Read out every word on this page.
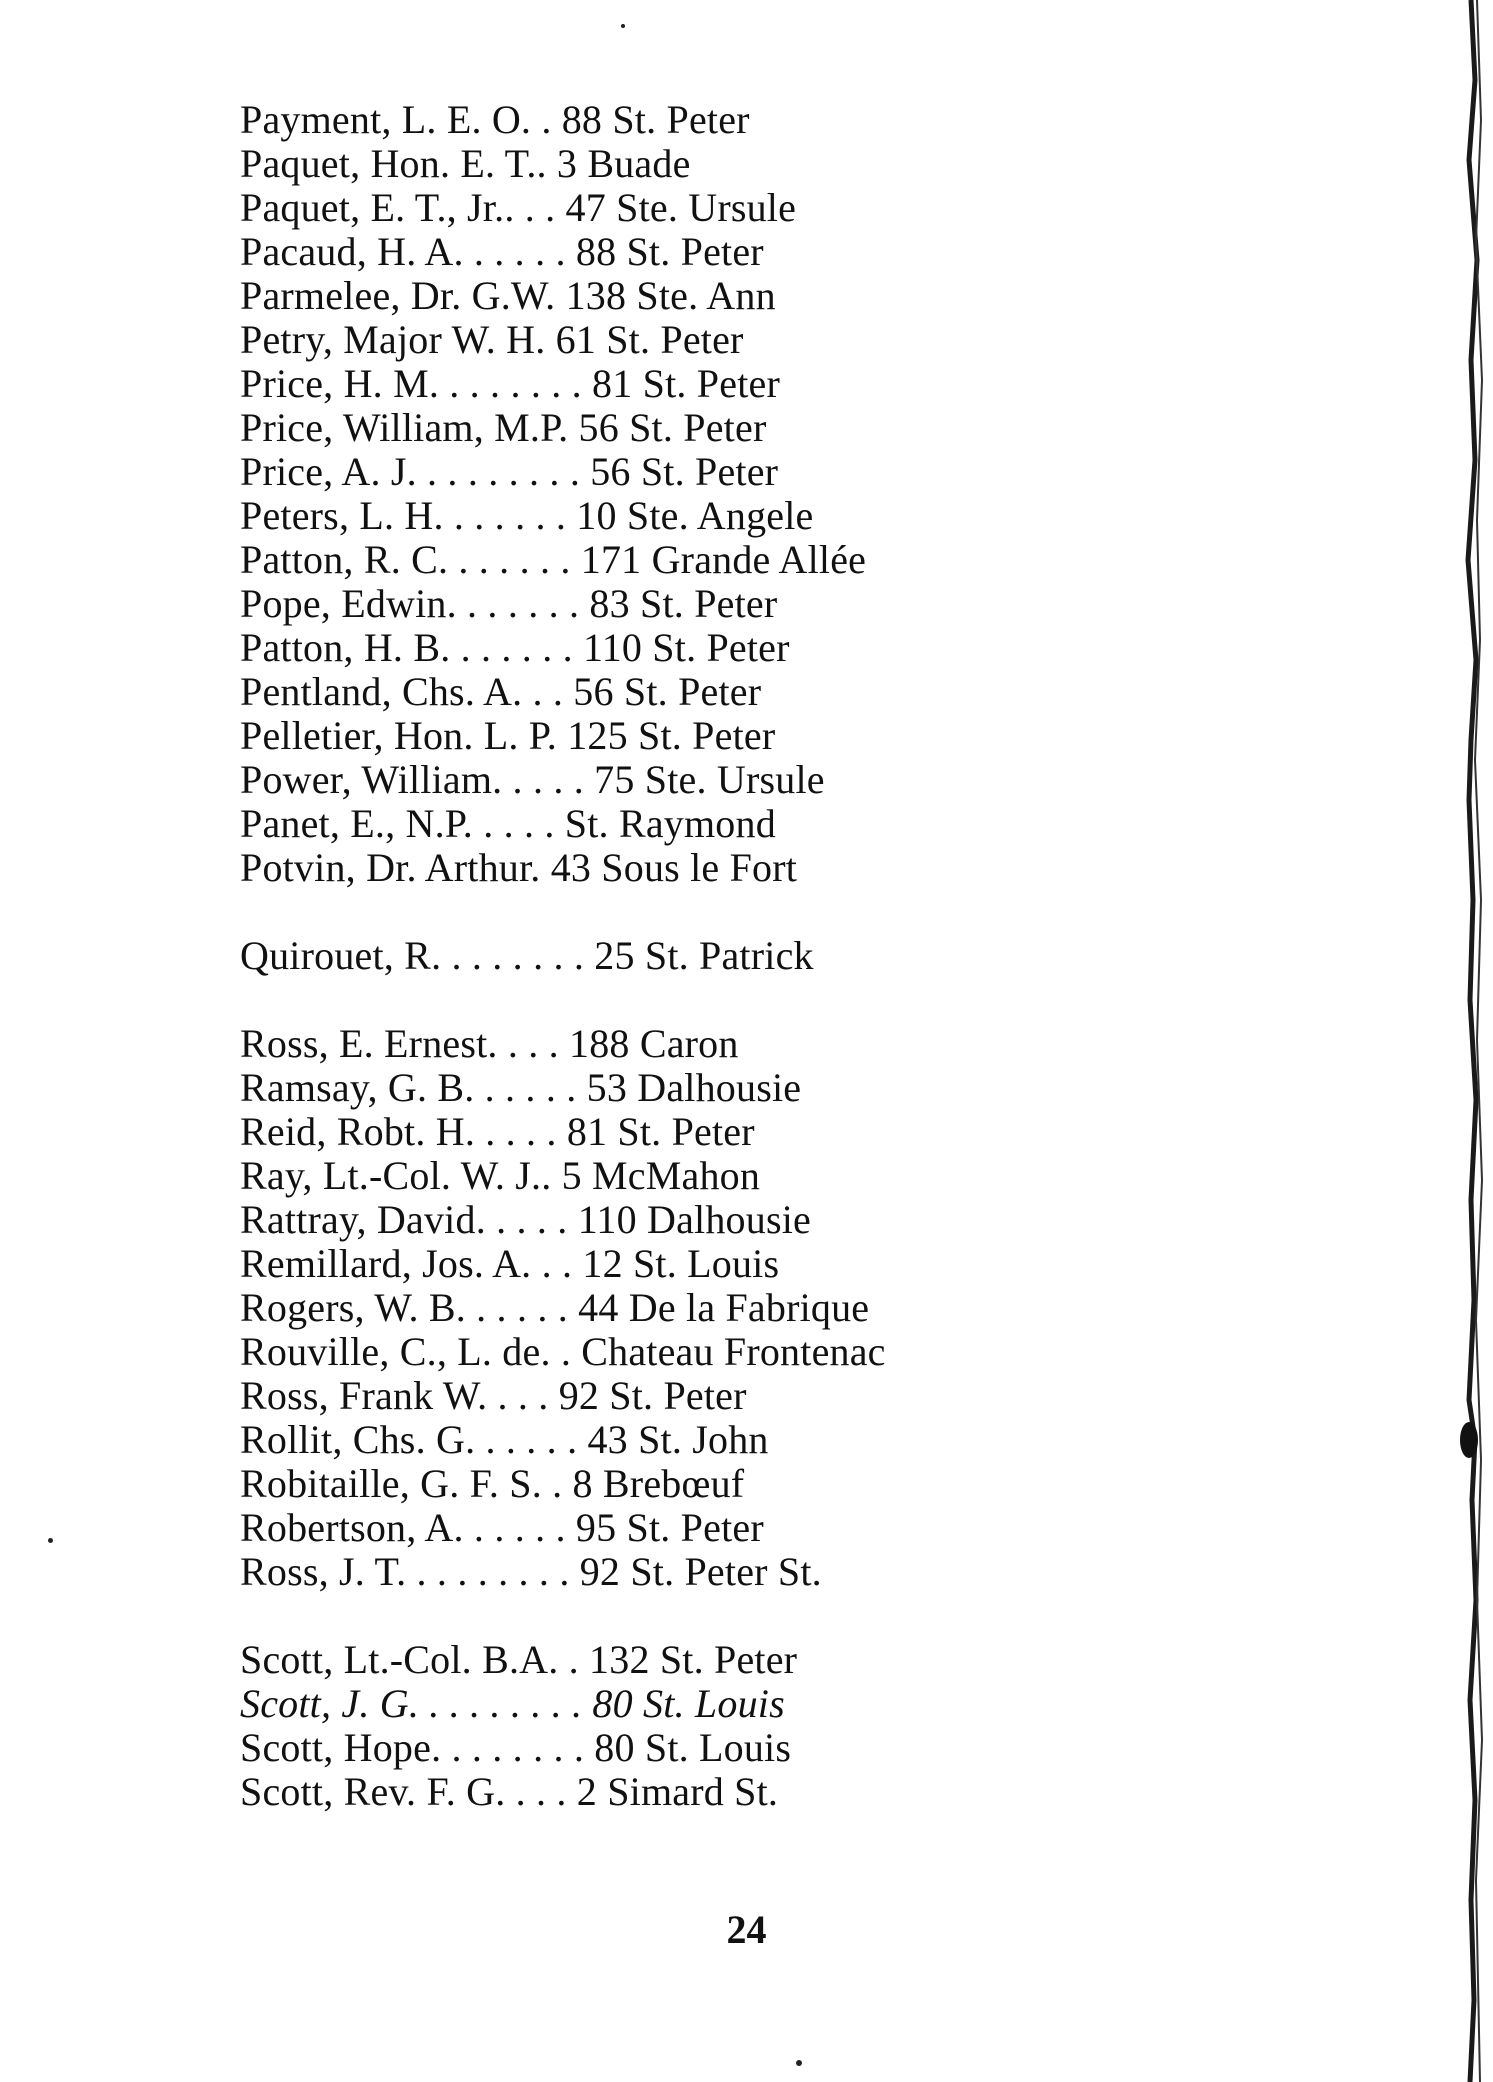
Payment, L. E. O. . 88 St. Peter
Paquet, Hon. E. T.. 3 Buade
Paquet, E. T., Jr.. . . 47 Ste. Ursule
Pacaud, H. A. . . . . . 88 St. Peter
Parmelee, Dr. G.W. 138 Ste. Ann
Petry, Major W. H. 61 St. Peter
Price, H. M. . . . . . . . 81 St. Peter
Price, William, M.P. 56 St. Peter
Price, A. J. . . . . . . . . 56 St. Peter
Peters, L. H. . . . . . . 10 Ste. Angele
Patton, R. C. . . . . . . 171 Grande Allée
Pope, Edwin. . . . . . . 83 St. Peter
Patton, H. B. . . . . . . 110 St. Peter
Pentland, Chs. A. . . 56 St. Peter
Pelletier, Hon. L. P. 125 St. Peter
Power, William. . . . . 75 Ste. Ursule
Panet, E., N.P. . . . . St. Raymond
Potvin, Dr. Arthur. 43 Sous le Fort
Quirouet, R. . . . . . . . 25 St. Patrick
Ross, E. Ernest. . . . 188 Caron
Ramsay, G. B. . . . . . 53 Dalhousie
Reid, Robt. H. . . . . 81 St. Peter
Ray, Lt.-Col. W. J.. 5 McMahon
Rattray, David. . . . . 110 Dalhousie
Remillard, Jos. A. . . 12 St. Louis
Rogers, W. B. . . . . . 44 De la Fabrique
Rouville, C., L. de. . Chateau Frontenac
Ross, Frank W. . . . 92 St. Peter
Rollit, Chs. G. . . . . . 43 St. John
Robitaille, G. F. S. . 8 Brebœuf
Robertson, A. . . . . . 95 St. Peter
Ross, J. T. . . . . . . . . 92 St. Peter St.
Scott, Lt.-Col. B.A. . 132 St. Peter
Scott, J. G. . . . . . . . . 80 St. Louis
Scott, Hope. . . . . . . . 80 St. Louis
Scott, Rev. F. G. . . . 2 Simard St.
24
